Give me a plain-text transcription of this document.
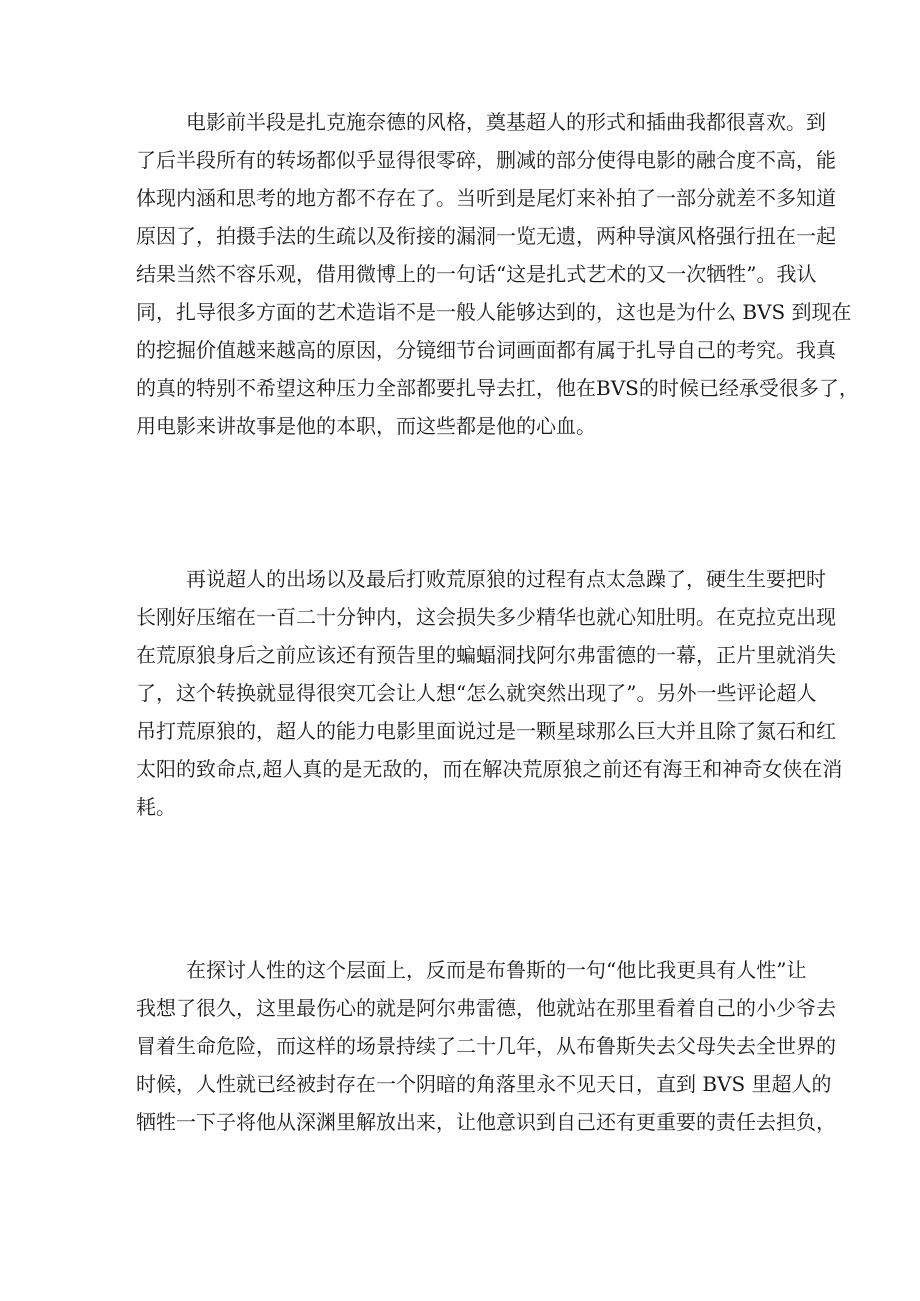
电影前半段是扎克施奈德的风格，奠基超人的形式和插曲我都很喜欢。到
了后半段所有的转场都似乎显得很零碎，删减的部分使得电影的融合度不高，能
体现内涵和思考的地方都不存在了。当听到是尾灯来补拍了一部分就差不多知道
原因了，拍摄手法的生疏以及衔接的漏洞一览无遗，两种导演风格强行扭在一起
结果当然不容乐观，借用微博上的一句话“这是扎式艺术的又一次牺牲”。我认
同，扎导很多方面的艺术造诣不是一般人能够达到的，这也是为什么 BVS 到现在
的挖掘价值越来越高的原因，分镜细节台词画面都有属于扎导自己的考究。我真
的真的特别不希望这种压力全部都要扎导去扛，他在BVS的时候已经承受很多了，
用电影来讲故事是他的本职，而这些都是他的心血。
再说超人的出场以及最后打败荒原狼的过程有点太急躁了，硬生生要把时
长刚好压缩在一百二十分钟内，这会损失多少精华也就心知肚明。在克拉克出现
在荒原狼身后之前应该还有预告里的蝙蝠洞找阿尔弗雷德的一幕，正片里就消失
了，这个转换就显得很突兀会让人想“怎么就突然出现了”。另外一些评论超人
吊打荒原狼的，超人的能力电影里面说过是一颗星球那么巨大并且除了氮石和红
太阳的致命点,超人真的是无敌的，而在解决荒原狼之前还有海王和神奇女侠在消
耗。
在探讨人性的这个层面上，反而是布鲁斯的一句“他比我更具有人性”让
我想了很久，这里最伤心的就是阿尔弗雷德，他就站在那里看着自己的小少爷去
冒着生命危险，而这样的场景持续了二十几年，从布鲁斯失去父母失去全世界的
时候，人性就已经被封存在一个阴暗的角落里永不见天日，直到 BVS 里超人的
牺牲一下子将他从深渊里解放出来，让他意识到自己还有更重要的责任去担负，
